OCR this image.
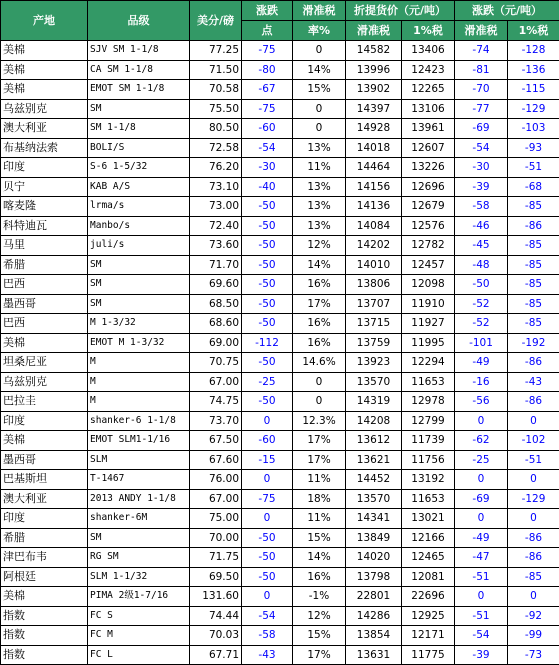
产地	品级	美分/磅	涨跌	滑准税	折提货价（元/吨）		涨跌（元/吨）	
			点	率%	滑准税	1%税	滑准税	1%税
美棉	SJV SM 1-1/8	77.25	-75	0	14582	13406	-74	-128
美棉	CA SM 1-1/8	71.50	-80	14%	13996	12423	-81	-136
美棉	EMOT SM 1-1/8	70.58	-67	15%	13902	12265	-70	-115
乌兹别克	SM	75.50	-75	0	14397	13106	-77	-129
澳大利亚	SM 1-1/8	80.50	-60	0	14928	13961	-69	-103
布基纳法索	BOLI/S	72.58	-54	13%	14018	12607	-54	-93
印度	S-6 1-5/32	76.20	-30	11%	14464	13226	-30	-51
贝宁	KAB A/S	73.10	-40	13%	14156	12696	-39	-68
喀麦隆	lrma/s	73.00	-50	13%	14136	12679	-58	-85
科特迪瓦	Manbo/s	72.40	-50	13%	14084	12576	-46	-86
马里	juli/s	73.60	-50	12%	14202	12782	-45	-85
希腊	SM	71.70	-50	14%	14010	12457	-48	-85
巴西	SM	69.60	-50	16%	13806	12098	-50	-85
墨西哥	SM	68.50	-50	17%	13707	11910	-52	-85
巴西	M 1-3/32	68.60	-50	16%	13715	11927	-52	-85
美棉	EMOT M 1-3/32	69.00	-112	16%	13759	11995	-101	-192
坦桑尼亚	M	70.75	-50	14.6%	13923	12294	-49	-86
乌兹别克	M	67.00	-25	0	13570	11653	-16	-43
巴拉圭	M	74.75	-50	0	14319	12978	-56	-86
印度	shanker-6 1-1/8	73.70	0	12.3%	14208	12799	0	0
美棉	EMOT SLM1-1/16	67.50	-60	17%	13612	11739	-62	-102
墨西哥	SLM	67.60	-15	17%	13621	11756	-25	-51
巴基斯坦	T-1467	76.00	0	11%	14452	13192	0	0
澳大利亚	2013 ANDY 1-1/8	67.00	-75	18%	13570	11653	-69	-129
印度	shanker-6M	75.00	0	11%	14341	13021	0	0
希腊	SM	70.00	-50	15%	13849	12166	-49	-86
津巴布韦	RG SM	71.75	-50	14%	14020	12465	-47	-86
阿根廷	SLM 1-1/32	69.50	-50	16%	13798	12081	-51	-85
美棉	PIMA 2级1-7/16	131.60	0	-1%	22801	22696	0	0
指数	FC S	74.44	-54	12%	14286	12925	-51	-92
指数	FC M	70.03	-58	15%	13854	12171	-54	-99
指数	FC L	67.71	-43	17%	13631	11775	-39	-73
